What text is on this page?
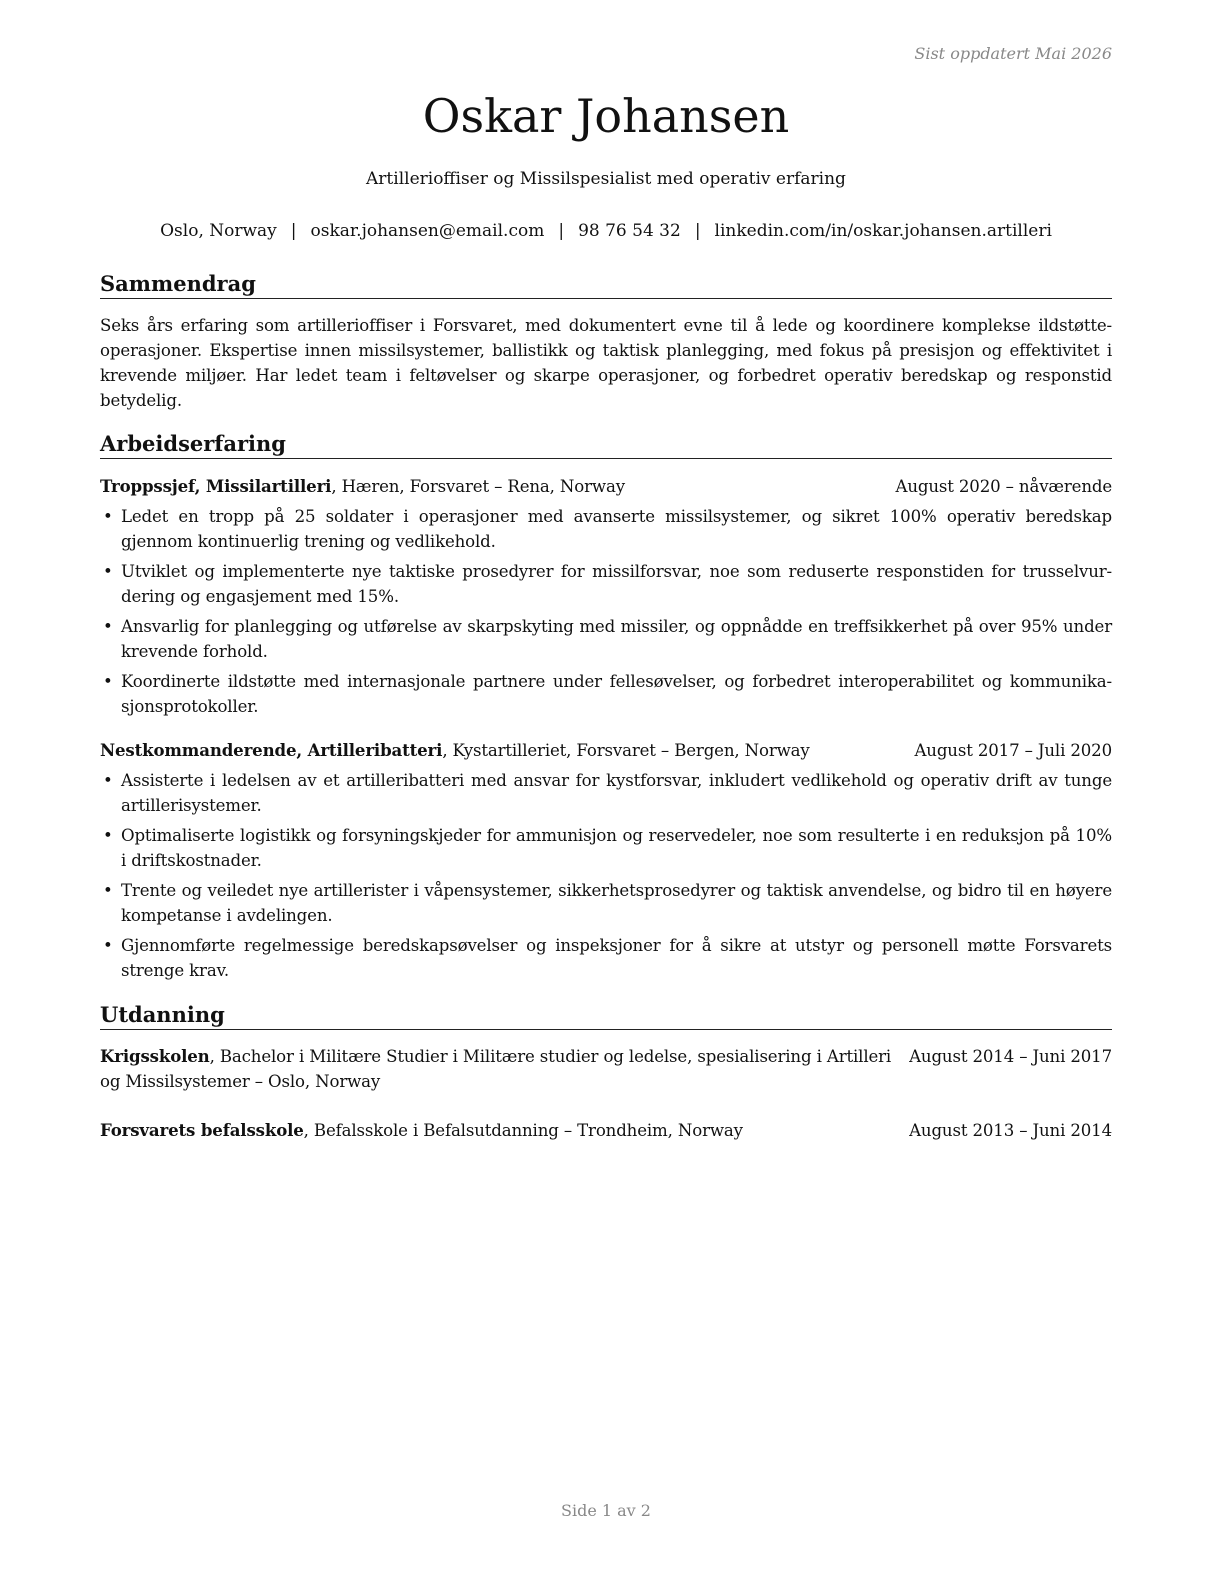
Sist oppdatert Mai 2026
Oskar Johansen
Artillerioffiser og Missilspesialist med operativ erfaring
Oslo, Norway | oskar.johansen@email.com | 98 76 54 32 | linkedin.com/in/oskar.johansen.artilleri
Sammendrag
Seks års erfaring som artillerioffiser i Forsvaret, med dokumentert evne til å lede og koordinere komplekse ildstøtte-operasjoner. Ekspertise innen missilsystemer, ballistikk og taktisk planlegging, med fokus på presisjon og effektivitet i krevende miljøer. Har ledet team i feltøvelser og skarpe operasjoner, og forbedret operativ beredskap og responstid betydelig.
Arbeidserfaring
Troppssjef, Missilartilleri, Hæren, Forsvaret – Rena, Norway	August 2020 – nåværende
• Ledet en tropp på 25 soldater i operasjoner med avanserte missilsystemer, og sikret 100% operativ beredskap gjennom kontinuerlig trening og vedlikehold.
• Utviklet og implementerte nye taktiske prosedyrer for missilforsvar, noe som reduserte responstiden for trusselvur-dering og engasjement med 15%.
• Ansvarlig for planlegging og utførelse av skarpskyting med missiler, og oppnådde en treffsikkerhet på over 95% under krevende forhold.
• Koordinerte ildstøtte med internasjonale partnere under fellesøvelser, og forbedret interoperabilitet og kommunika-sjonsprotokoller.
Nestkommanderende, Artilleribatteri, Kystartilleriet, Forsvaret – Bergen, Norway	August 2017 – Juli 2020
• Assisterte i ledelsen av et artilleribatteri med ansvar for kystforsvar, inkludert vedlikehold og operativ drift av tunge artillerisystemer.
• Optimaliserte logistikk og forsyningskjeder for ammunisjon og reservedeler, noe som resulterte i en reduksjon på 10% i driftskostnader.
• Trente og veiledet nye artillerister i våpensystemer, sikkerhetsprosedyrer og taktisk anvendelse, og bidro til en høyere kompetanse i avdelingen.
• Gjennomførte regelmessige beredskapsøvelser og inspeksjoner for å sikre at utstyr og personell møtte Forsvarets strenge krav.
Utdanning
Krigsskolen, Bachelor i Militære Studier i Militære studier og ledelse, spesialisering i Artilleri og Missilsystemer – Oslo, Norway
August 2014 – Juni 2017
Forsvarets befalsskole, Befalsskole i Befalsutdanning – Trondheim, Norway	August 2013 – Juni 2014
Side 1 av 2
